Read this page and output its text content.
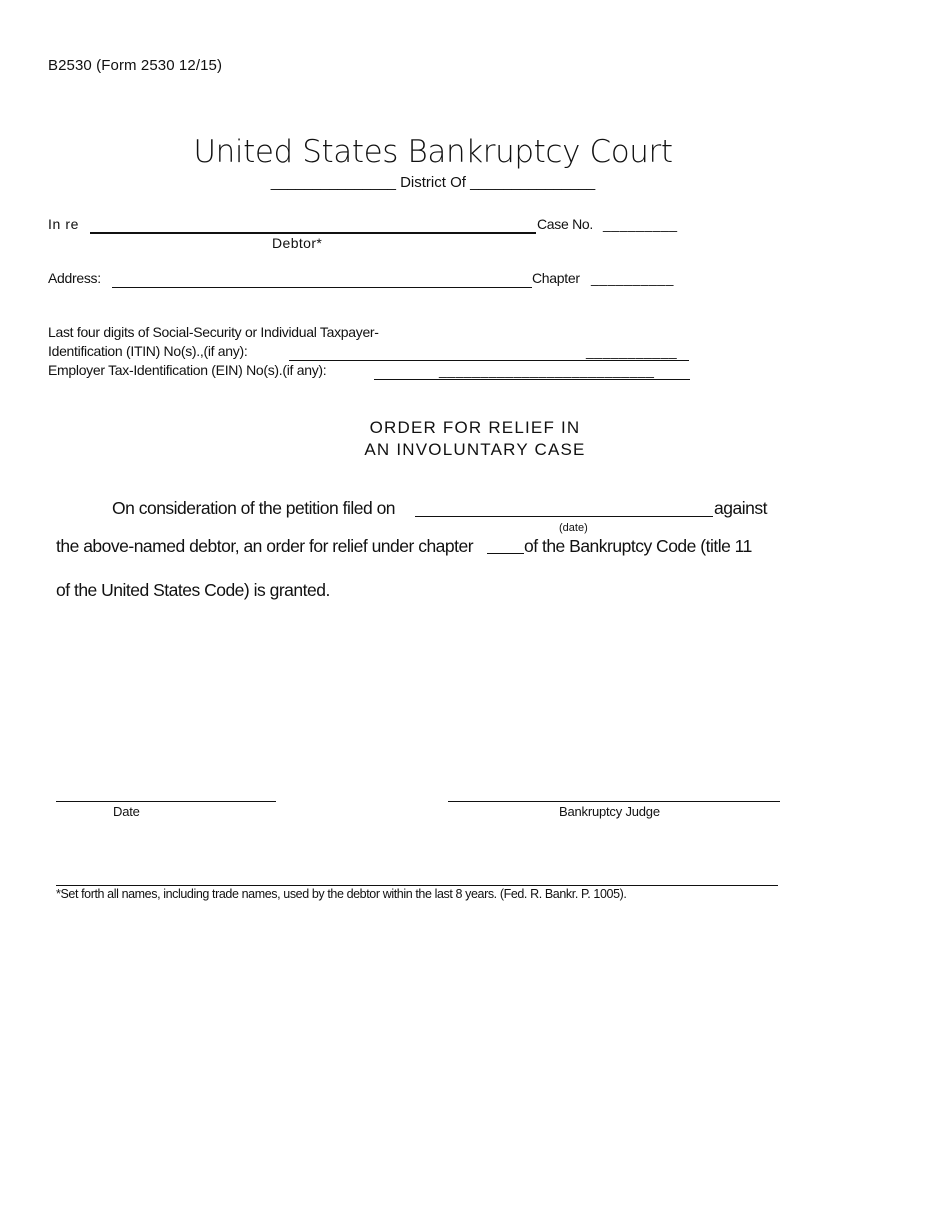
B2530 (Form 2530 12/15)
United States Bankruptcy Court
_______________ District Of _______________
In re	Case No. _________
Debtor*
Address:	Chapter __________
Last four digits of Social-Security or Individual Taxpayer-
Identification (ITIN) No(s).,(if any):	___________
Employer Tax-Identification (EIN) No(s).(if any):	__________________________
ORDER FOR RELIEF IN
AN INVOLUNTARY CASE
On consideration of the petition filed on	against
(date)
the above-named debtor, an order for relief under chapter	of the Bankruptcy Code (title 11
of the United States Code) is granted.
Date	Bankruptcy Judge
*Set forth all names, including trade names, used by the debtor within the last 8 years. (Fed. R. Bankr. P. 1005).
